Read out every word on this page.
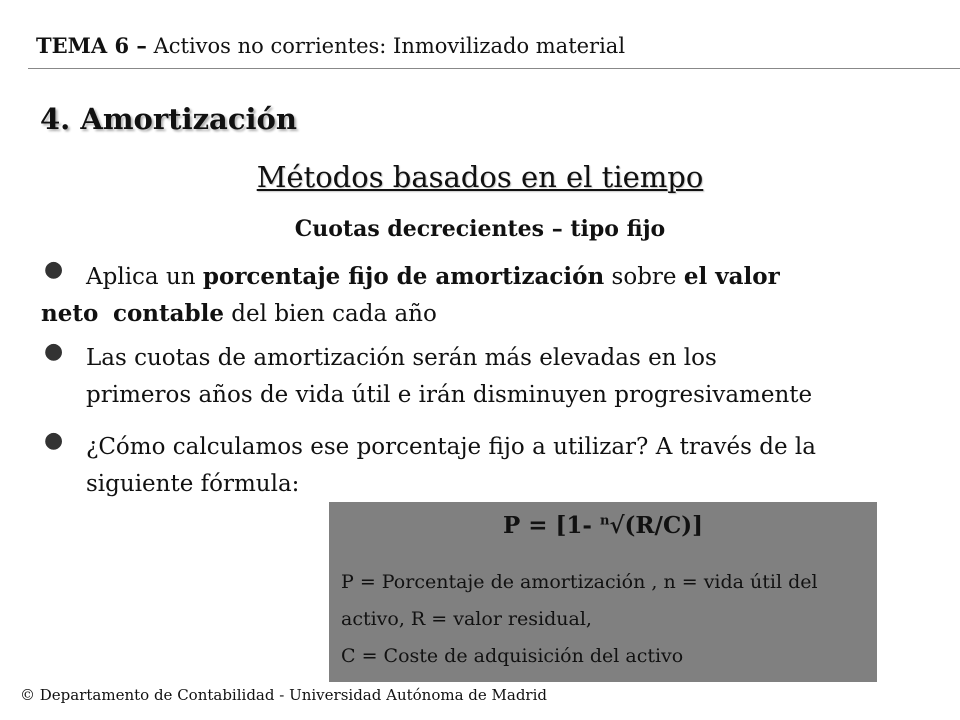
TEMA 6 – Activos no corrientes: Inmovilizado material
4. Amortización
Métodos basados en el tiempo
Cuotas decrecientes – tipo fijo
● Aplica un porcentaje fijo de amortización sobre el valor
neto contable del bien cada año
● Las cuotas de amortización serán más elevadas en los
primeros años de vida útil e irán disminuyen progresivamente
● ¿Cómo calculamos ese porcentaje fijo a utilizar? A través de la
siguiente fórmula:
P = [1- $^n$√(R/C)]
P = Porcentaje de amortización , n = vida útil del
activo, R = valor residual,
C = Coste de adquisición del activo
© Departamento de Contabilidad - Universidad Autónoma de Madrid
